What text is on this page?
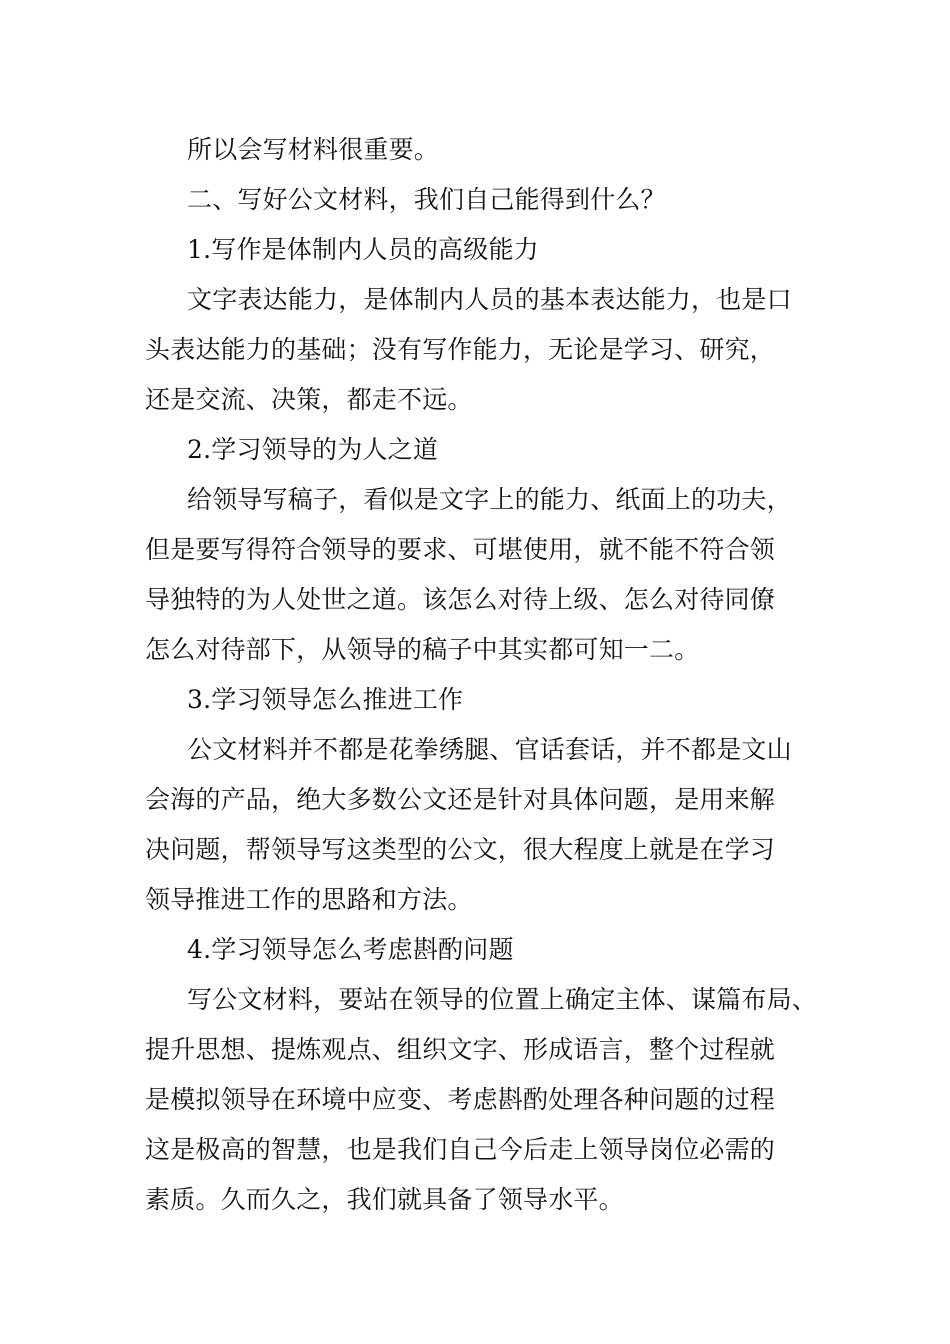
所以会写材料很重要。
二、写好公文材料，我们自己能得到什么？
1.写作是体制内人员的高级能力
文字表达能力，是体制内人员的基本表达能力，也是口
头表达能力的基础；没有写作能力，无论是学习、研究，
还是交流、决策，都走不远。
2.学习领导的为人之道
给领导写稿子，看似是文字上的能力、纸面上的功夫，
但是要写得符合领导的要求、可堪使用，就不能不符合领
导独特的为人处世之道。该怎么对待上级、怎么对待同僚
怎么对待部下，从领导的稿子中其实都可知一二。
3.学习领导怎么推进工作
公文材料并不都是花拳绣腿、官话套话，并不都是文山
会海的产品，绝大多数公文还是针对具体问题，是用来解
决问题，帮领导写这类型的公文，很大程度上就是在学习
领导推进工作的思路和方法。
4.学习领导怎么考虑斟酌问题
写公文材料，要站在领导的位置上确定主体、谋篇布局、
提升思想、提炼观点、组织文字、形成语言，整个过程就
是模拟领导在环境中应变、考虑斟酌处理各种问题的过程
这是极高的智慧，也是我们自己今后走上领导岗位必需的
素质。久而久之，我们就具备了领导水平。
